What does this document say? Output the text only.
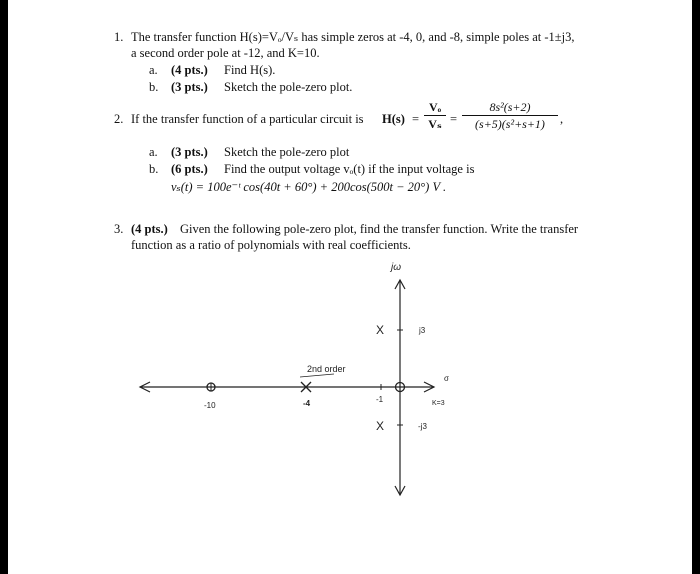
1. The transfer function H(s)=Vₒ/Vₛ has simple zeros at -4, 0, and -8, simple poles at -1±j3,
a second order pole at -12, and K=10.
a. (4 pts.) Find H(s).
b. (3 pts.) Sketch the pole-zero plot.
2. If the transfer function of a particular circuit is H(s) =
Vₒ
Vₛ =
8s²(s+2)
(s+5)(s²+s+1)	,
a. (3 pts.) Sketch the pole-zero plot
b. (6 pts.) Find the output voltage vₒ(t) if the input voltage is
vₛ(t) = 100e⁻ᵗ cos(40t + 60°) + 200cos(500t − 20°) V .
3. (4 pts.) Given the following pole-zero plot, find the transfer function. Write the transfer
function as a ratio of polynomials with real coefficients.
jω
σ
X
X
j3
-j3
2nd order
K=3
-10	-4	-1
